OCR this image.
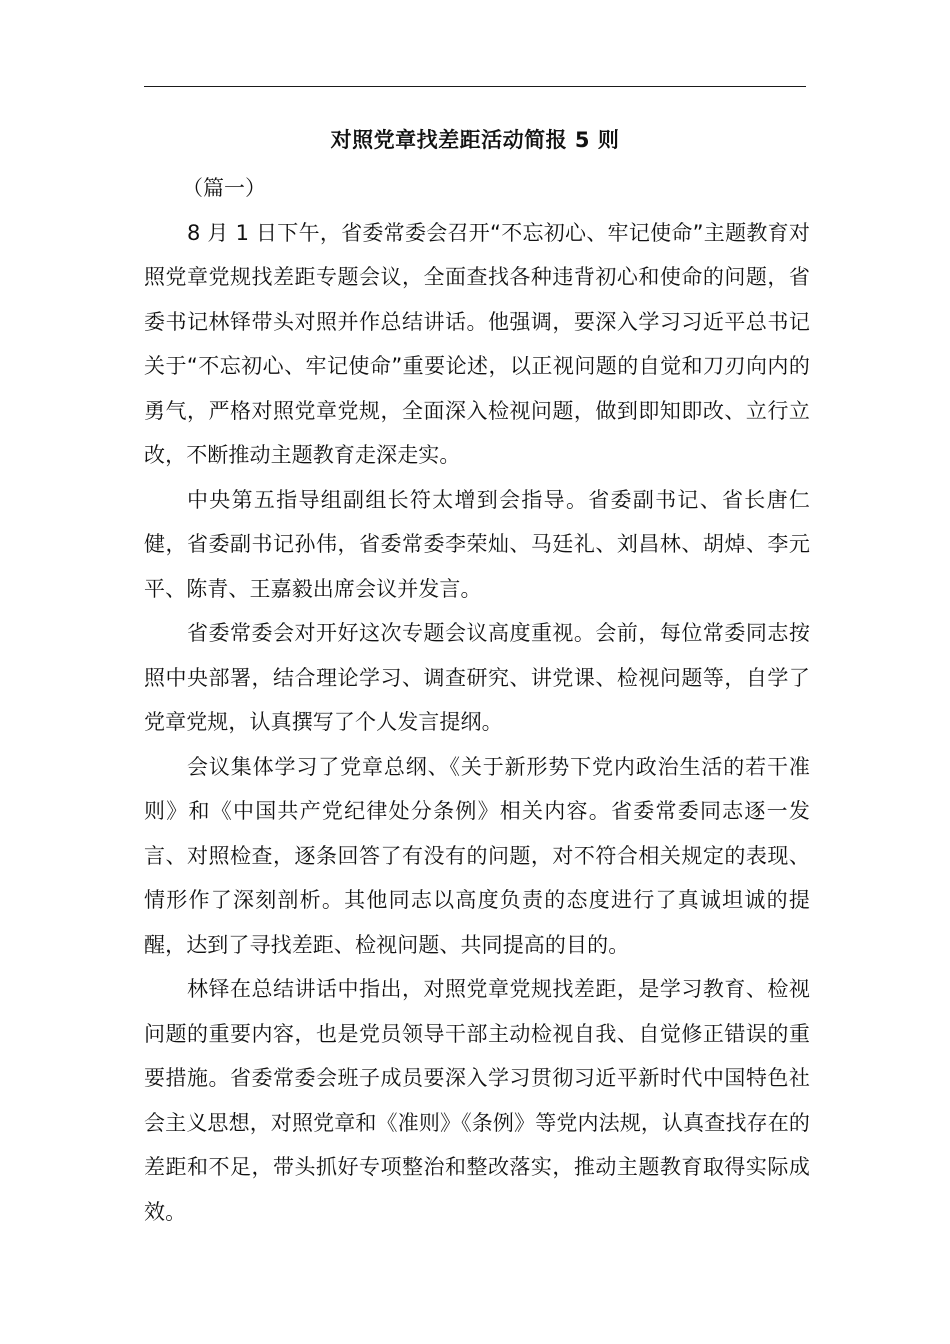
对照党章找差距活动简报 5 则

（篇一）

8 月 1 日下午，省委常委会召开“不忘初心、牢记使命”主题教育对照党章党规找差距专题会议，全面查找各种违背初心和使命的问题，省委书记林铎带头对照并作总结讲话。他强调，要深入学习习近平总书记关于“不忘初心、牢记使命”重要论述，以正视问题的自觉和刀刃向内的勇气，严格对照党章党规，全面深入检视问题，做到即知即改、立行立改，不断推动主题教育走深走实。

中央第五指导组副组长符太增到会指导。省委副书记、省长唐仁健，省委副书记孙伟，省委常委李荣灿、马廷礼、刘昌林、胡焯、李元平、陈青、王嘉毅出席会议并发言。

省委常委会对开好这次专题会议高度重视。会前，每位常委同志按照中央部署，结合理论学习、调查研究、讲党课、检视问题等，自学了党章党规，认真撰写了个人发言提纲。

会议集体学习了党章总纲、《关于新形势下党内政治生活的若干准则》和《中国共产党纪律处分条例》相关内容。省委常委同志逐一发言、对照检查，逐条回答了有没有的问题，对不符合相关规定的表现、情形作了深刻剖析。其他同志以高度负责的态度进行了真诚坦诚的提醒，达到了寻找差距、检视问题、共同提高的目的。

林铎在总结讲话中指出，对照党章党规找差距，是学习教育、检视问题的重要内容，也是党员领导干部主动检视自我、自觉修正错误的重要措施。省委常委会班子成员要深入学习贯彻习近平新时代中国特色社会主义思想，对照党章和《准则》《条例》等党内法规，认真查找存在的差距和不足，带头抓好专项整治和整改落实，推动主题教育取得实际成效。
